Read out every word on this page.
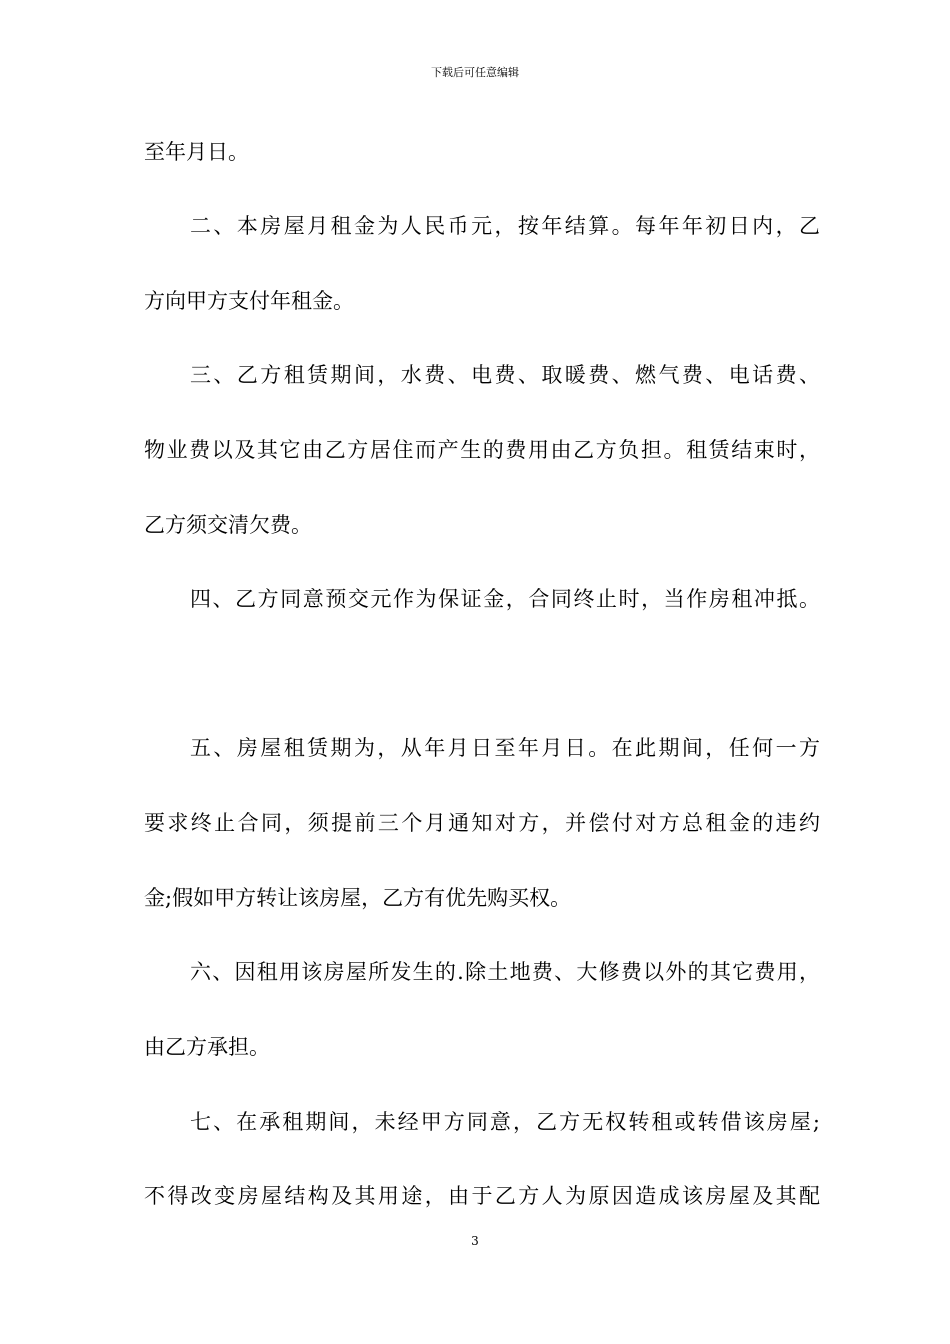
下载后可任意编辑
至年月日。
二、本房屋月租金为人民币元，按年结算。每年年初日内，乙
方向甲方支付年租金。
三、乙方租赁期间，水费、电费、取暖费、燃气费、电话费、
物业费以及其它由乙方居住而产生的费用由乙方负担。租赁结束时，
乙方须交清欠费。
四、乙方同意预交元作为保证金，合同终止时，当作房租冲抵。
五、房屋租赁期为，从年月日至年月日。在此期间，任何一方
要求终止合同，须提前三个月通知对方，并偿付对方总租金的违约
金;假如甲方转让该房屋，乙方有优先购买权。
六、因租用该房屋所发生的.除土地费、大修费以外的其它费用，
由乙方承担。
七、在承租期间，未经甲方同意，乙方无权转租或转借该房屋;
不得改变房屋结构及其用途，由于乙方人为原因造成该房屋及其配
3
